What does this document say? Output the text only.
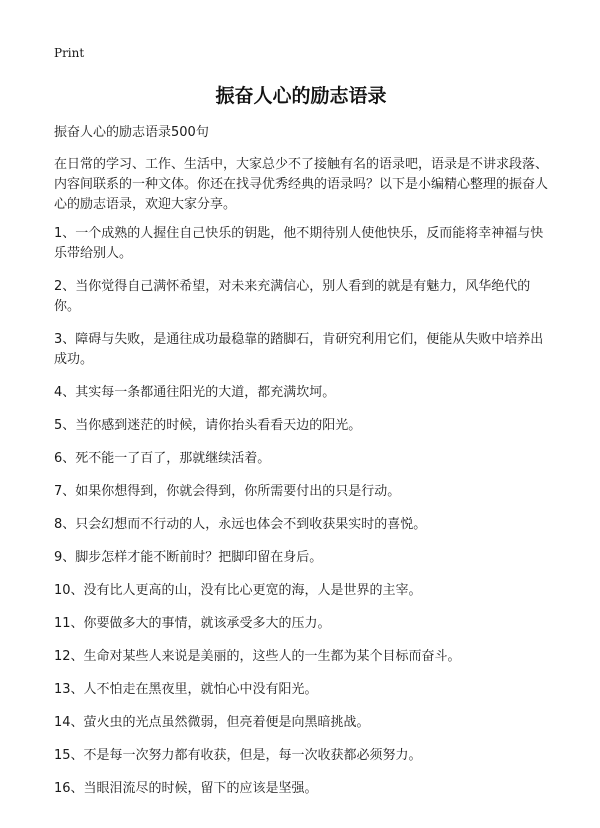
Print
振奋人心的励志语录

振奋人心的励志语录500句

在日常的学习、工作、生活中，大家总少不了接触有名的语录吧，语录是不讲求段落、内容间联系的一种文体。你还在找寻优秀经典的语录吗？以下是小编精心整理的振奋人心的励志语录，欢迎大家分享。

1、一个成熟的人握住自己快乐的钥匙，他不期待别人使他快乐，反而能将幸神福与快乐带给别人。
2、当你觉得自己满怀希望，对未来充满信心，别人看到的就是有魅力，风华绝代的你。
3、障碍与失败，是通往成功最稳靠的踏脚石，肯研究利用它们，便能从失败中培养出成功。
4、其实每一条都通往阳光的大道，都充满坎坷。
5、当你感到迷茫的时候，请你抬头看看天边的阳光。
6、死不能一了百了，那就继续活着。
7、如果你想得到，你就会得到，你所需要付出的只是行动。
8、只会幻想而不行动的人，永远也体会不到收获果实时的喜悦。
9、脚步怎样才能不断前时？把脚印留在身后。
10、没有比人更高的山，没有比心更宽的海，人是世界的主宰。
11、你要做多大的事情，就该承受多大的压力。
12、生命对某些人来说是美丽的，这些人的一生都为某个目标而奋斗。
13、人不怕走在黑夜里，就怕心中没有阳光。
14、萤火虫的光点虽然微弱，但亮着便是向黑暗挑战。
15、不是每一次努力都有收获，但是，每一次收获都必须努力。
16、当眼泪流尽的时候，留下的应该是坚强。
